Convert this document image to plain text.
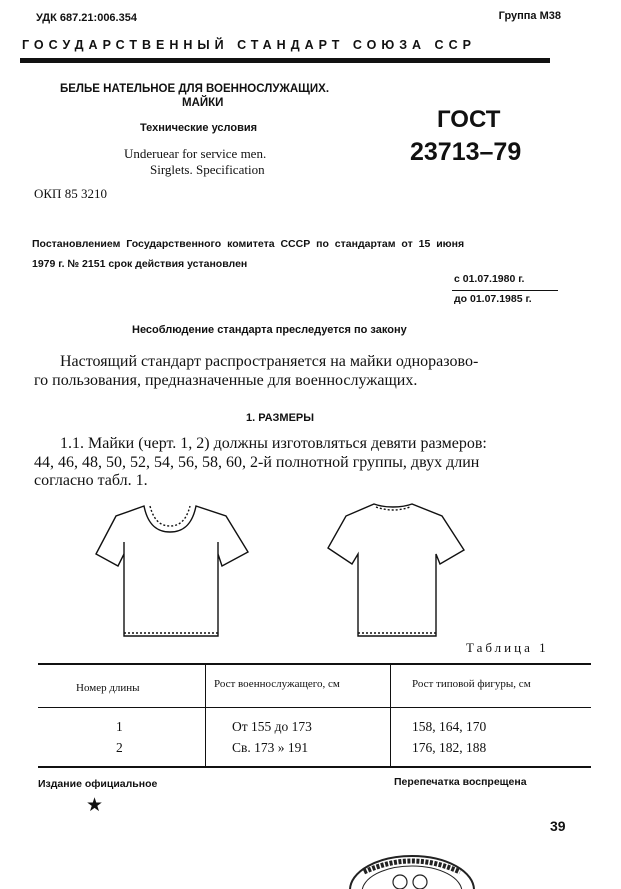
УДК 687.21:006.354	Группа М38
ГОСУДАРСТВЕННЫЙ СТАНДАРТ СОЮЗА ССР
БЕЛЬЕ НАТЕЛЬНОЕ ДЛЯ ВОЕННОСЛУЖАЩИХ.
МАЙКИ
Технические условия
Underuear for service men.
Sirglets. Specification
ГОСТ
23713–79
ОКП 85 3210
Постановлением Государственного комитета СССР по стандартам от 15 июня
1979 г. № 2151 срок действия установлен
с 01.07.1980 г.
до 01.07.1985 г.
Несоблюдение стандарта преследуется по закону
Настоящий стандарт распространяется на майки одноразово-
го пользования, предназначенные для военнослужащих.
1. РАЗМЕРЫ
1.1. Майки (черт. 1, 2) должны изготовляться девяти размеров:
44, 46, 48, 50, 52, 54, 56, 58, 60, 2-й полнотной группы, двух длин
согласно табл. 1.
Таблица 1
Номер длины	Рост военнослужащего, см	Рост типовой фигуры, см
1	От 155 до 173	158, 164, 170
2	Св. 173 » 191	176, 182, 188
Издание официальное
★
Перепечатка воспрещена
39
